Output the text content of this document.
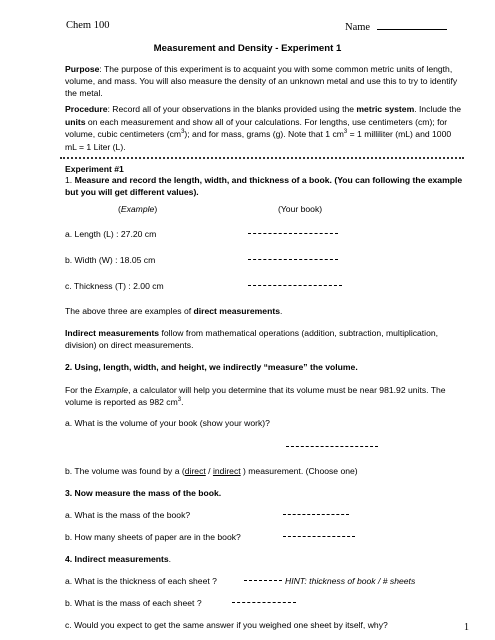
Chem 100	Name
Measurement and Density - Experiment 1
Purpose: The purpose of this experiment is to acquaint you with some common metric units of length, volume, and mass. You will also measure the density of an unknown metal and use this to try to identify the metal.
Procedure: Record all of your observations in the blanks provided using the metric system. Include the units on each measurement and show all of your calculations. For lengths, use centimeters (cm); for volume, cubic centimeters $(cm^3)$; and for mass, grams (g). Note that 1 $cm^3 = 1$ milliliter (mL) and 1000 mL = 1 Liter (L).
Experiment #1
1. Measure and record the length, width, and thickness of a book. (You can following the example but you will get different values).
(Example)	(Your book)
a. Length (L) : 27.20 cm
b. Width (W) : 18.05 cm
c. Thickness (T) : 2.00 cm
The above three are examples of direct measurements.
Indirect measurements follow from mathematical operations (addition, subtraction, multiplication, division) on direct measurements.
2. Using, length, width, and height, we indirectly “measure” the volume.
For the Example, a calculator will help you determine that its volume must be near 981.92 units. The volume is reported as 982 $cm^3$.
a. What is the volume of your book (show your work)?
b. The volume was found by a (direct / indirect ) measurement. (Choose one)
3. Now measure the mass of the book.
a. What is the mass of the book?
b. How many sheets of paper are in the book?
4. Indirect measurements.
a. What is the thickness of each sheet ?	HINT: thickness of book / # sheets
b. What is the mass of each sheet ?
c. Would you expect to get the same answer if you weighed one sheet by itself, why?	1
